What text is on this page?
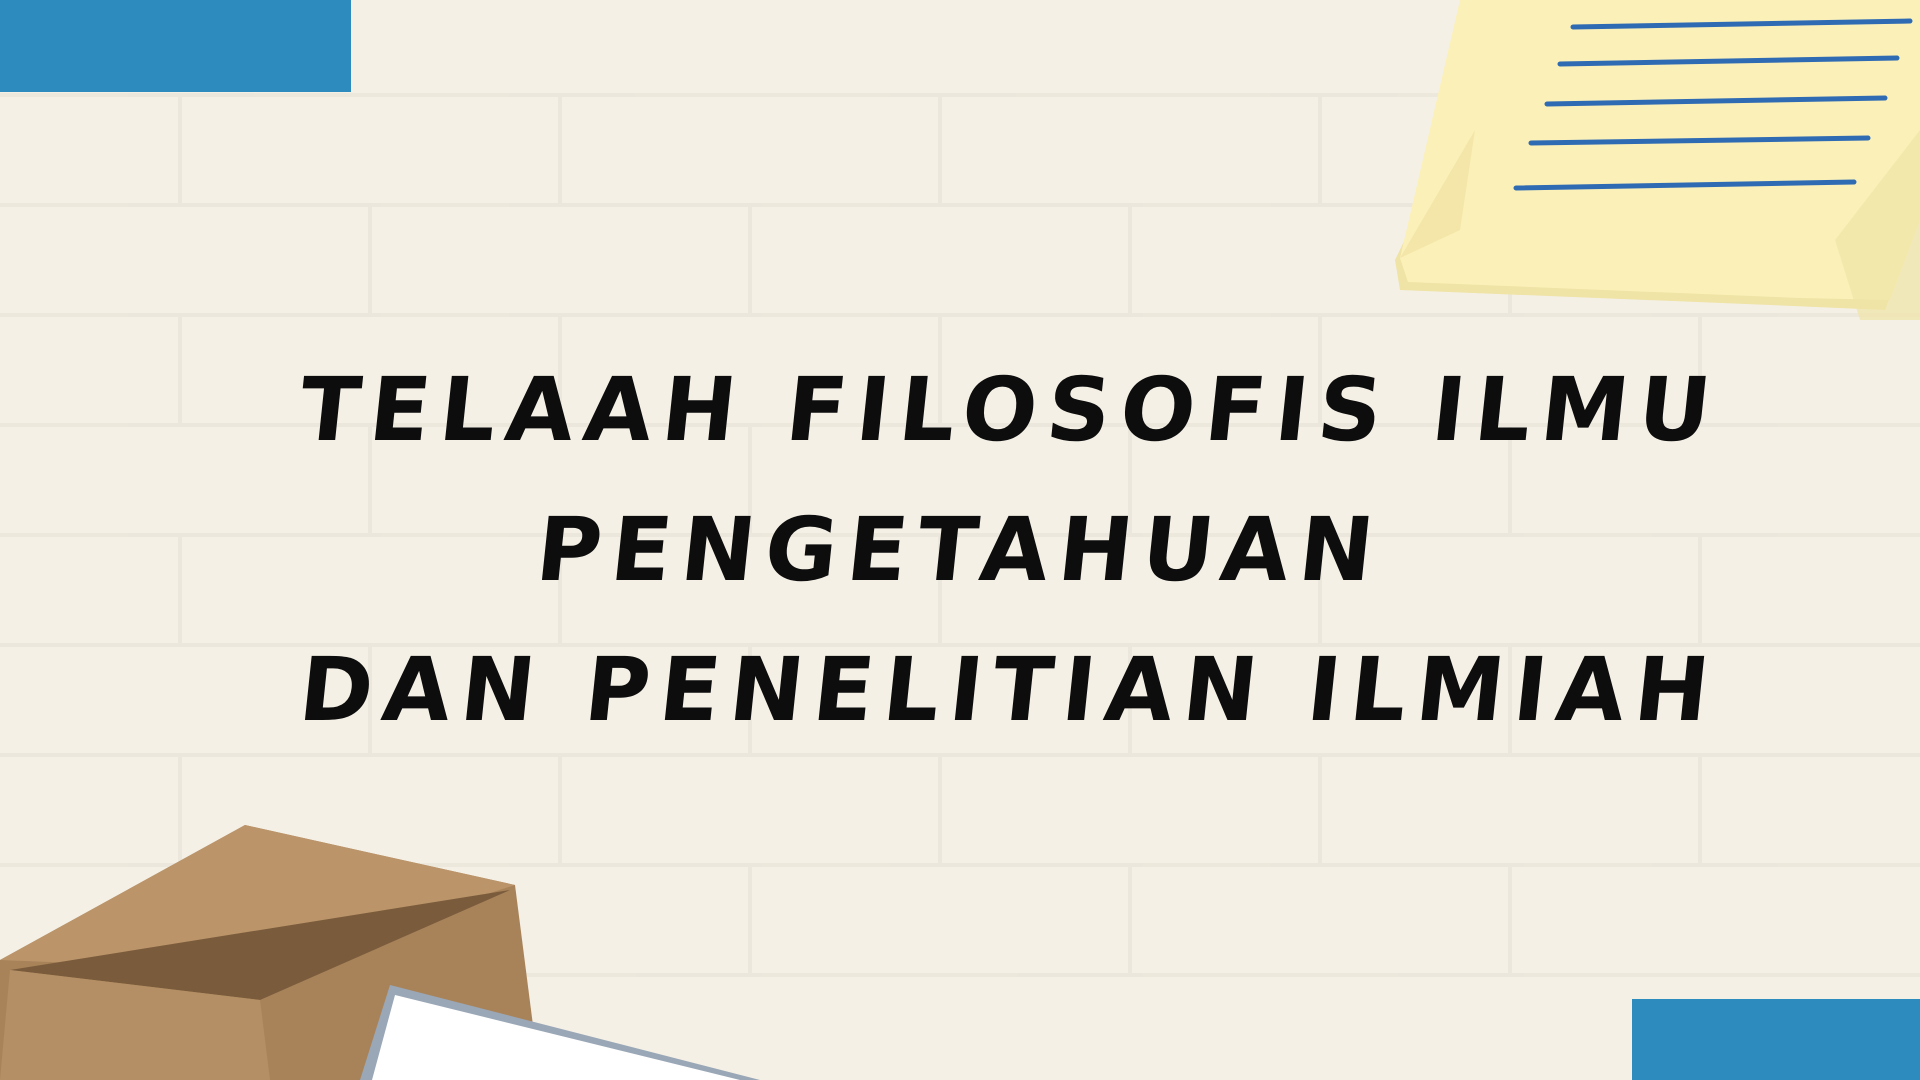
TELAAH FILOSOFIS ILMU
PENGETAHUAN
DAN PENELITIAN ILMIAH
